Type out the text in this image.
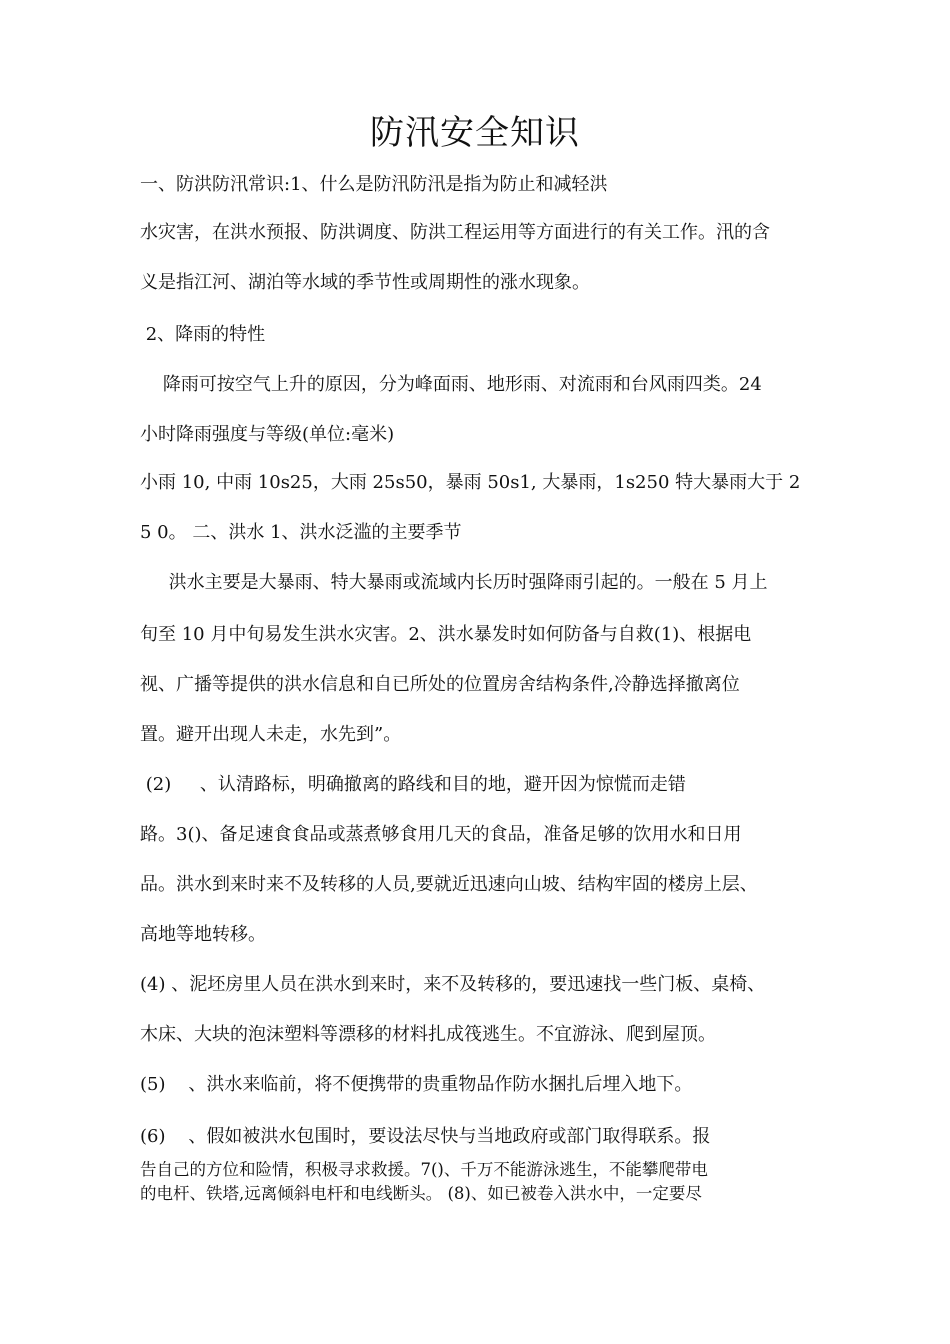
防汛安全知识
一、防洪防汛常识:1、什么是防汛防汛是指为防止和减轻洪
水灾害，在洪水预报、防洪调度、防洪工程运用等方面进行的有关工作。汛的含
义是指江河、湖泊等水域的季节性或周期性的涨水现象。
2、降雨的特性
降雨可按空气上升的原因，分为峰面雨、地形雨、对流雨和台风雨四类。24
小时降雨强度与等级(单位:毫米)
小雨 10, 中雨 10s25，大雨 25s50，暴雨 50s1, 大暴雨，1s250 特大暴雨大于 2
5 0。 二、洪水 1、洪水泛滥的主要季节
洪水主要是大暴雨、特大暴雨或流域内长历时强降雨引起的。一般在 5 月上
旬至 10 月中旬易发生洪水灾害。2、洪水暴发时如何防备与自救(1)、根据电
视、广播等提供的洪水信息和自已所处的位置房舍结构条件,冷静选择撤离位
置。避开出现人未走，水先到”。
(2)     、认清路标，明确撤离的路线和目的地，避开因为惊慌而走错
路。3()、备足速食食品或蒸煮够食用几天的食品，准备足够的饮用水和日用
品。洪水到来时来不及转移的人员,要就近迅速向山坡、结构牢固的楼房上层、
高地等地转移。
(4) 、泥坯房里人员在洪水到来时，来不及转移的，要迅速找一些门板、桌椅、
木床、大块的泡沫塑料等漂移的材料扎成筏逃生。不宜游泳、爬到屋顶。
(5)    、洪水来临前，将不便携带的贵重物品作防水捆扎后埋入地下。
(6)    、假如被洪水包围时，要设法尽快与当地政府或部门取得联系。报
告自己的方位和险情，积极寻求救援。7()、千万不能游泳逃生，不能攀爬带电
的电杆、铁塔,远离倾斜电杆和电线断头。 (8)、如已被卷入洪水中，一定要尽
